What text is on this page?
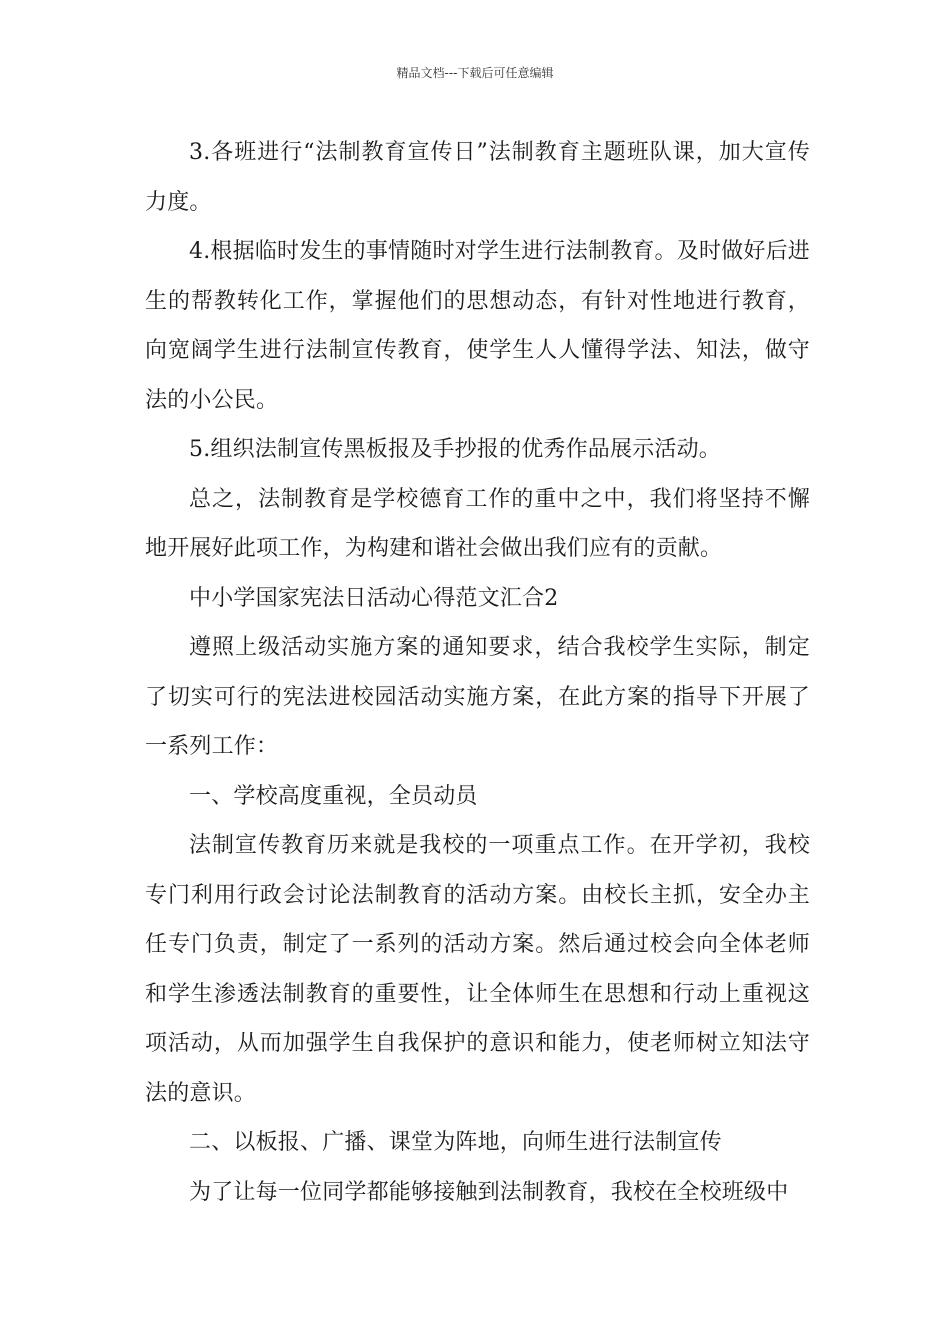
精品文档---下载后可任意编辑

3.各班进行“法制教育宣传日”法制教育主题班队课，加大宣传力度。

4.根据临时发生的事情随时对学生进行法制教育。及时做好后进生的帮教转化工作，掌握他们的思想动态，有针对性地进行教育，向宽阔学生进行法制宣传教育，使学生人人懂得学法、知法，做守法的小公民。

5.组织法制宣传黑板报及手抄报的优秀作品展示活动。

总之，法制教育是学校德育工作的重中之中，我们将坚持不懈地开展好此项工作，为构建和谐社会做出我们应有的贡献。

中小学国家宪法日活动心得范文汇合2

遵照上级活动实施方案的通知要求，结合我校学生实际，制定了切实可行的宪法进校园活动实施方案，在此方案的指导下开展了一系列工作：

一、学校高度重视，全员动员

法制宣传教育历来就是我校的一项重点工作。在开学初，我校专门利用行政会讨论法制教育的活动方案。由校长主抓，安全办主任专门负责，制定了一系列的活动方案。然后通过校会向全体老师和学生渗透法制教育的重要性，让全体师生在思想和行动上重视这项活动，从而加强学生自我保护的意识和能力，使老师树立知法守法的意识。

二、以板报、广播、课堂为阵地，向师生进行法制宣传

为了让每一位同学都能够接触到法制教育，我校在全校班级中
